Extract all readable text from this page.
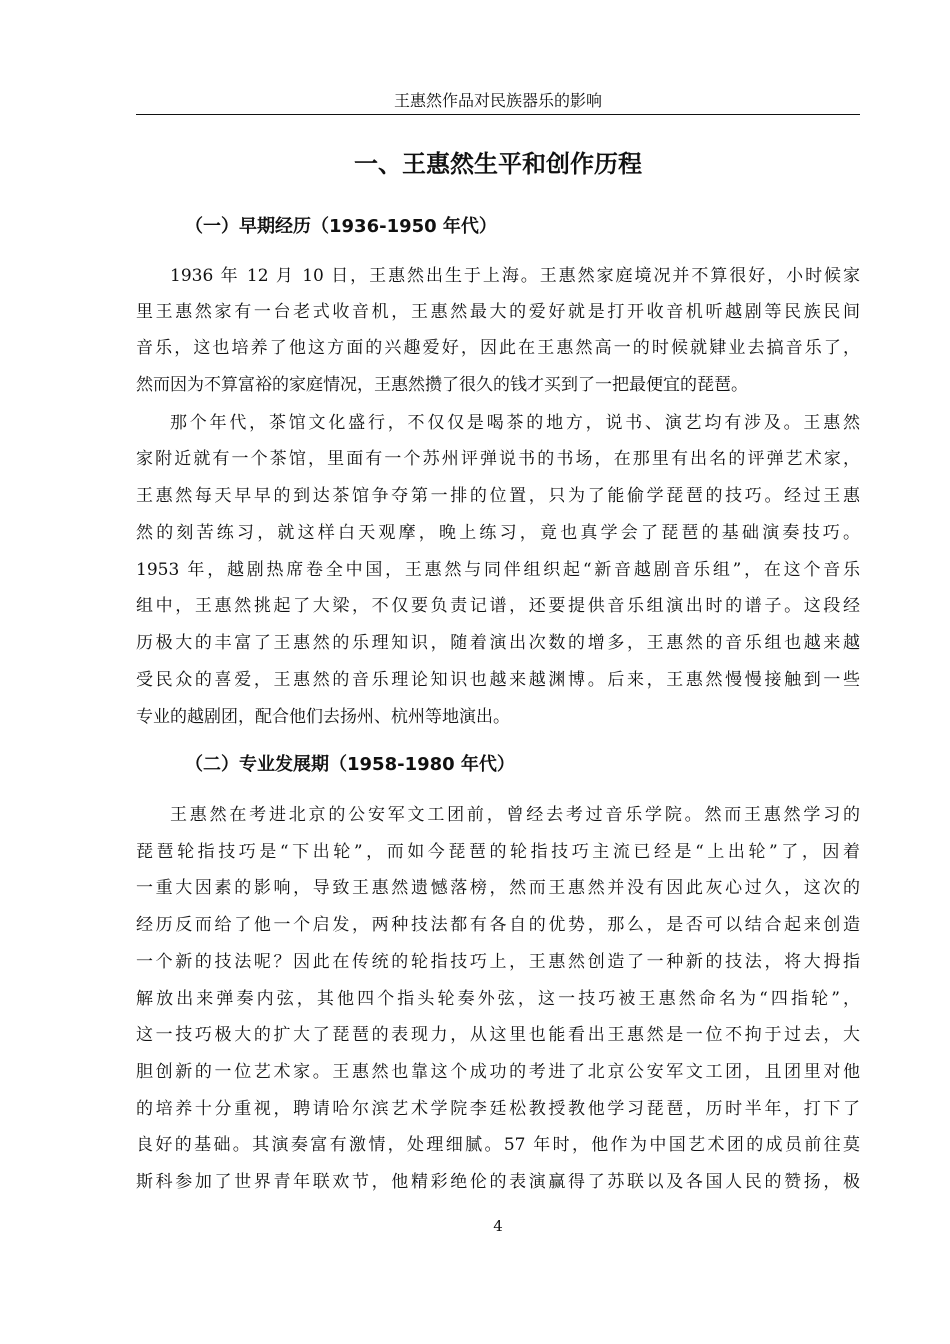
王惠然作品对民族器乐的影响
一、王惠然生平和创作历程
（一）早期经历（1936-1950 年代）
1936 年 12 月 10 日，王惠然出生于上海。王惠然家庭境况并不算很好，小时候家
里王惠然家有一台老式收音机，王惠然最大的爱好就是打开收音机听越剧等民族民间
音乐，这也培养了他这方面的兴趣爱好，因此在王惠然高一的时候就肄业去搞音乐了，
然而因为不算富裕的家庭情况，王惠然攒了很久的钱才买到了一把最便宜的琵琶。
那个年代，茶馆文化盛行，不仅仅是喝茶的地方，说书、演艺均有涉及。王惠然
家附近就有一个茶馆，里面有一个苏州评弹说书的书场，在那里有出名的评弹艺术家，
王惠然每天早早的到达茶馆争夺第一排的位置，只为了能偷学琵琶的技巧。经过王惠
然的刻苦练习，就这样白天观摩，晚上练习，竟也真学会了琵琶的基础演奏技巧。
1953 年，越剧热席卷全中国，王惠然与同伴组织起“新音越剧音乐组”，在这个音乐
组中，王惠然挑起了大梁，不仅要负责记谱，还要提供音乐组演出时的谱子。这段经
历极大的丰富了王惠然的乐理知识，随着演出次数的增多，王惠然的音乐组也越来越
受民众的喜爱，王惠然的音乐理论知识也越来越渊博。后来，王惠然慢慢接触到一些
专业的越剧团，配合他们去扬州、杭州等地演出。
（二）专业发展期（1958-1980 年代）
王惠然在考进北京的公安军文工团前，曾经去考过音乐学院。然而王惠然学习的
琵琶轮指技巧是“下出轮”，而如今琵琶的轮指技巧主流已经是“上出轮”了，因着
一重大因素的影响，导致王惠然遗憾落榜，然而王惠然并没有因此灰心过久，这次的
经历反而给了他一个启发，两种技法都有各自的优势，那么，是否可以结合起来创造
一个新的技法呢？因此在传统的轮指技巧上，王惠然创造了一种新的技法，将大拇指
解放出来弹奏内弦，其他四个指头轮奏外弦，这一技巧被王惠然命名为“四指轮”，
这一技巧极大的扩大了琵琶的表现力，从这里也能看出王惠然是一位不拘于过去，大
胆创新的一位艺术家。王惠然也靠这个成功的考进了北京公安军文工团，且团里对他
的培养十分重视，聘请哈尔滨艺术学院李廷松教授教他学习琵琶，历时半年，打下了
良好的基础。其演奏富有激情，处理细腻。57 年时，他作为中国艺术团的成员前往莫
斯科参加了世界青年联欢节，他精彩绝伦的表演赢得了苏联以及各国人民的赞扬，极
4
